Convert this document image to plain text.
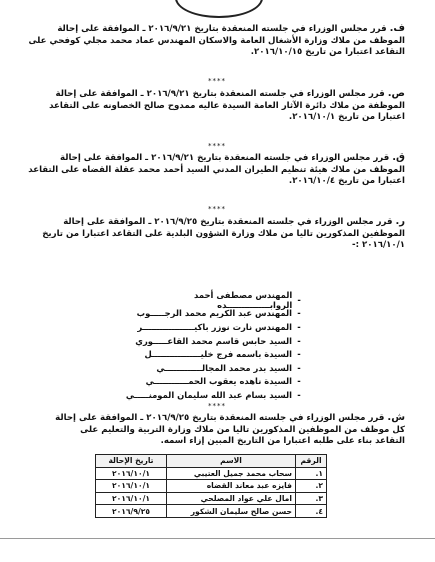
ف. قرر مجلس الوزراء في جلسته المنعقدة بتاريخ ٢٠١٦/٩/٢١ ـ الموافقة على إحالة الموظف من ملاك وزارة الأشغال العامة والاسكان المهندس عماد محمد مجلي كوفحي على التقاعد اعتبارا من تاريخ ٢٠١٦/١٠/١٥.
****
ص. قرر مجلس الوزراء في جلسته المنعقدة بتاريخ ٢٠١٦/٩/٢١ ـ الموافقة على إحالة الموظفة من ملاك دائرة الآثار العامة السيدة عاليه ممدوح صالح الخصاونه على التقاعد اعتبارا من تاريخ ٢٠١٦/١٠/١.
****
ق. قرر مجلس الوزراء في جلسته المنعقدة بتاريخ ٢٠١٦/٩/٢١ ـ الموافقة على إحالة الموظف من ملاك هيئة تنظيم الطيران المدني السيد أحمد محمد عقلة القضاه على التقاعد اعتبارا من تاريخ ٢٠١٦/١٠/٤.
****
ر. قرر مجلس الوزراء في جلسته المنعقدة بتاريخ ٢٠١٦/٩/٢٥ ـ الموافقة على إحالة الموظفين المذكورين تاليا من ملاك وزارة الشؤون البلدية على التقاعد اعتبارا من تاريخ ٢٠١٦/١٠/١ :-
-
المهندس مصطفى أحمد الروابـــــــــــــــده
-
المهندس عبد الكريم محمد الرجـــــوب
-
المهندس نارت نوزر باكيــــــــــــــــــر
-
السيد حابس قاسم محمد القاعـــــوري
-
السيدة باسمه فرج خليـــــــــــــــــل
-
السيد بدر محمد المجالـــــــــــــي
-
السيدة ناهده يعقوب الحمــــــــــــي
-
السيد بسام عبد الله سليمان المومنـــــي
****
ش. قرر مجلس الوزراء في جلسته المنعقدة بتاريخ ٢٠١٦/٩/٢٥ ـ الموافقة على إحالة كل موظف من الموظفين المذكورين تاليا من ملاك وزارة التربية والتعليم على التقاعد بناء على طلبه اعتبارا من التاريخ المبين إزاء اسمه.
الرقم	الاسم	تاريخ الإحالة
١.	سحاب محمد جميل العتيبي	٢٠١٦/١٠/١
٢.	فايزه عبد معاند القضاه	٢٠١٦/١٠/١
٣.	امال علي عواد المصلحي	٢٠١٦/١٠/١
٤.	حسن صالح سليمان الشكور	٢٠١٦/٩/٢٥
